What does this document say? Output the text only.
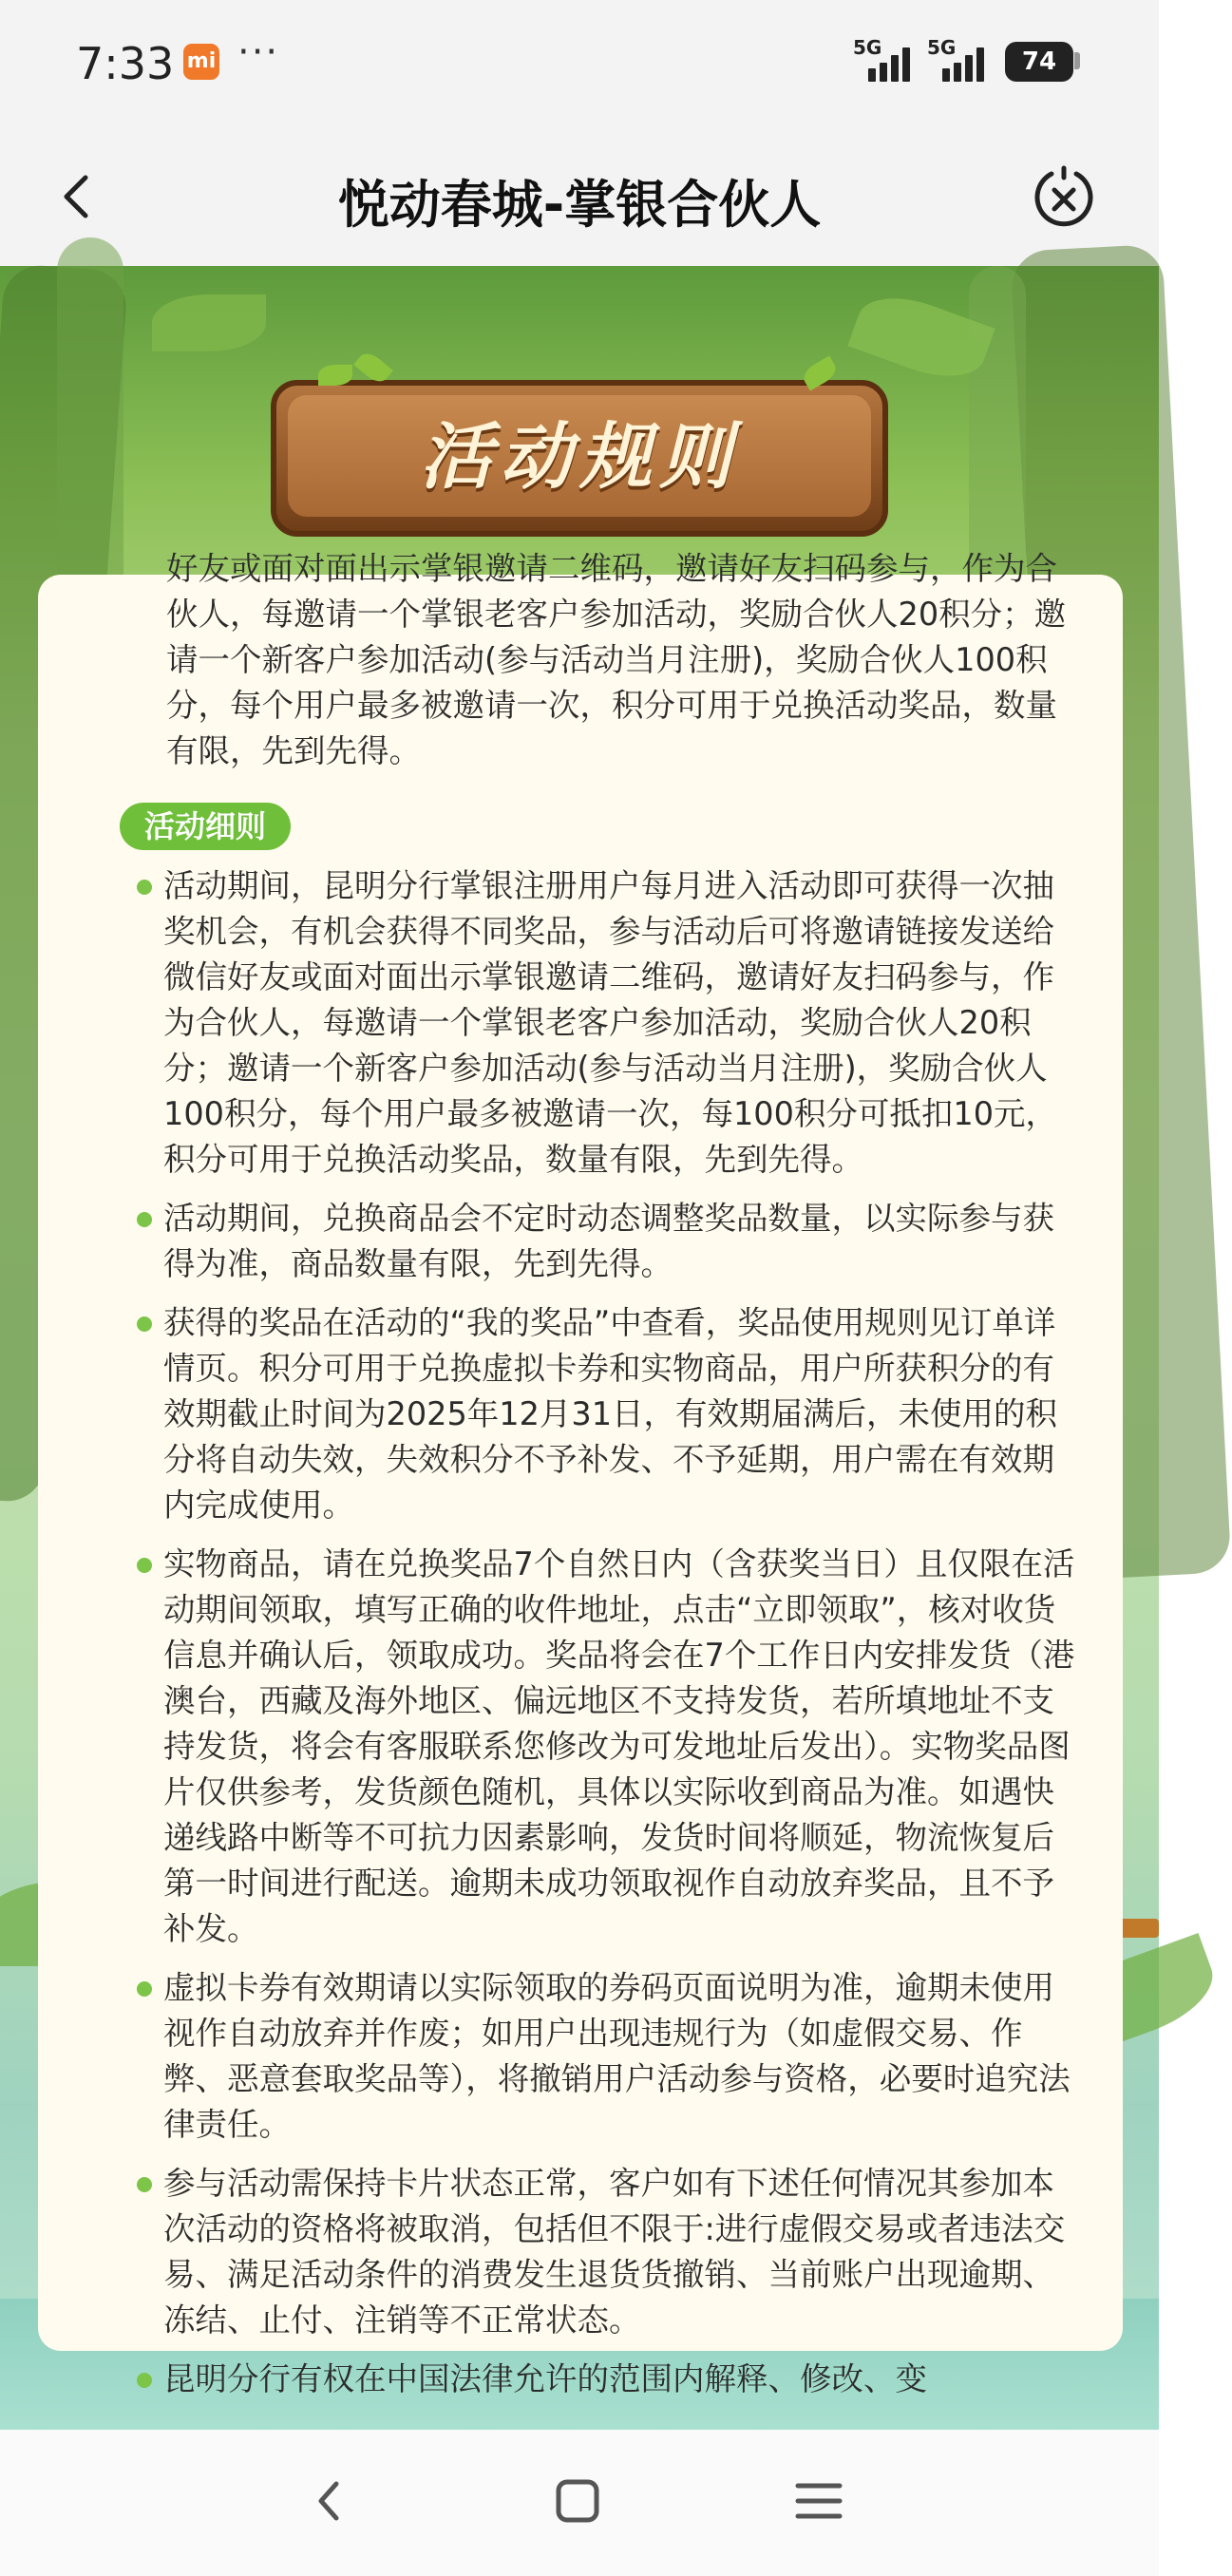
7:33 mi ···	5G 5G	74
悦动春城-掌银合伙人
活动规则

好友或面对面出示掌银邀请二维码，邀请好友扫码参与，作为合伙人，每邀请一个掌银老客户参加活动，奖励合伙人20积分；邀请一个新客户参加活动(参与活动当月注册)，奖励合伙人100积分，每个用户最多被邀请一次，积分可用于兑换活动奖品，数量有限，先到先得。

活动细则
活动期间，昆明分行掌银注册用户每月进入活动即可获得一次抽奖机会，有机会获得不同奖品，参与活动后可将邀请链接发送给微信好友或面对面出示掌银邀请二维码，邀请好友扫码参与，作为合伙人，每邀请一个掌银老客户参加活动，奖励合伙人20积分；邀请一个新客户参加活动(参与活动当月注册)，奖励合伙人100积分，每个用户最多被邀请一次，每100积分可抵扣10元，积分可用于兑换活动奖品，数量有限，先到先得。
活动期间，兑换商品会不定时动态调整奖品数量，以实际参与获得为准，商品数量有限，先到先得。
获得的奖品在活动的“我的奖品”中查看，奖品使用规则见订单详情页。积分可用于兑换虚拟卡券和实物商品，用户所获积分的有效期截止时间为2025年12月31日，有效期届满后，未使用的积分将自动失效，失效积分不予补发、不予延期，用户需在有效期内完成使用。
实物商品，请在兑换奖品7个自然日内（含获奖当日）且仅限在活动期间领取，填写正确的收件地址，点击“立即领取”，核对收货信息并确认后，领取成功。奖品将会在7个工作日内安排发货（港澳台，西藏及海外地区、偏远地区不支持发货，若所填地址不支持发货，将会有客服联系您修改为可发地址后发出）。实物奖品图片仅供参考，发货颜色随机，具体以实际收到商品为准。如遇快递线路中断等不可抗力因素影响，发货时间将顺延，物流恢复后第一时间进行配送。逾期未成功领取视作自动放弃奖品，且不予补发。
虚拟卡券有效期请以实际领取的券码页面说明为准，逾期未使用视作自动放弃并作废；如用户出现违规行为（如虚假交易、作弊、恶意套取奖品等），将撤销用户活动参与资格，必要时追究法律责任。
参与活动需保持卡片状态正常，客户如有下述任何情况其参加本次活动的资格将被取消，包括但不限于:进行虚假交易或者违法交易、满足活动条件的消费发生退货货撤销、当前账户出现逾期、冻结、止付、注销等不正常状态。
昆明分行有权在中国法律允许的范围内解释、修改、变
